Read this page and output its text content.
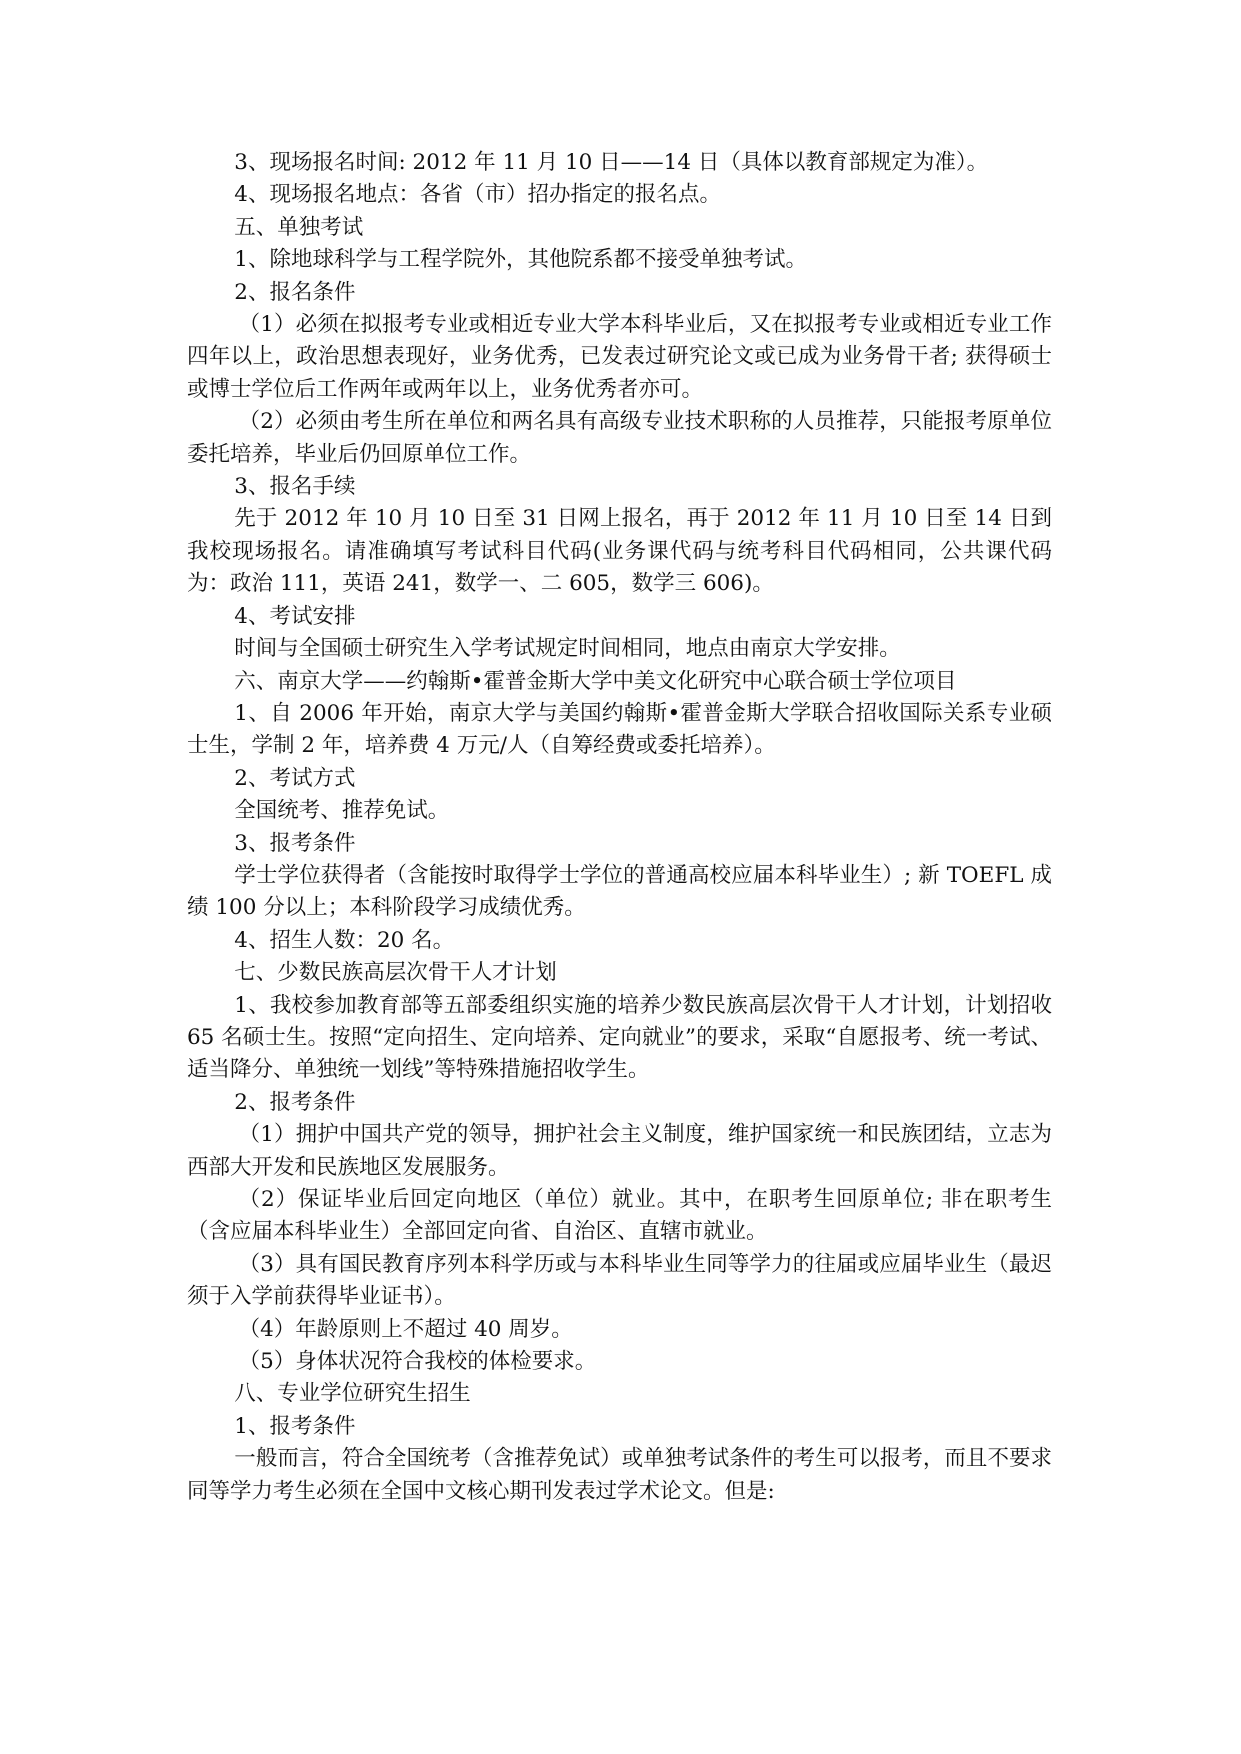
3、现场报名时间: 2012 年 11 月 10 日——14 日（具体以教育部规定为准）。

4、现场报名地点：各省（市）招办指定的报名点。

五、单独考试

1、除地球科学与工程学院外，其他院系都不接受单独考试。

2、报名条件

（1）必须在拟报考专业或相近专业大学本科毕业后，又在拟报考专业或相近专业工作四年以上，政治思想表现好，业务优秀，已发表过研究论文或已成为业务骨干者; 获得硕士或博士学位后工作两年或两年以上，业务优秀者亦可。

（2）必须由考生所在单位和两名具有高级专业技术职称的人员推荐，只能报考原单位委托培养，毕业后仍回原单位工作。

3、报名手续

先于 2012 年 10 月 10 日至 31 日网上报名，再于 2012 年 11 月 10 日至 14 日到我校现场报名。请准确填写考试科目代码(业务课代码与统考科目代码相同，公共课代码为：政治 111，英语 241，数学一、二 605，数学三 606)。

4、考试安排

时间与全国硕士研究生入学考试规定时间相同，地点由南京大学安排。

六、南京大学——约翰斯•霍普金斯大学中美文化研究中心联合硕士学位项目

1、自 2006 年开始，南京大学与美国约翰斯•霍普金斯大学联合招收国际关系专业硕士生，学制 2 年，培养费 4 万元/人（自筹经费或委托培养）。

2、考试方式

全国统考、推荐免试。

3、报考条件

学士学位获得者（含能按时取得学士学位的普通高校应届本科毕业生）; 新 TOEFL 成绩 100 分以上；本科阶段学习成绩优秀。

4、招生人数：20 名。

七、少数民族高层次骨干人才计划

1、我校参加教育部等五部委组织实施的培养少数民族高层次骨干人才计划，计划招收 65 名硕士生。按照“定向招生、定向培养、定向就业”的要求，采取“自愿报考、统一考试、适当降分、单独统一划线”等特殊措施招收学生。

2、报考条件

（1）拥护中国共产党的领导，拥护社会主义制度，维护国家统一和民族团结，立志为西部大开发和民族地区发展服务。

（2）保证毕业后回定向地区（单位）就业。其中，在职考生回原单位; 非在职考生（含应届本科毕业生）全部回定向省、自治区、直辖市就业。

（3）具有国民教育序列本科学历或与本科毕业生同等学力的往届或应届毕业生（最迟须于入学前获得毕业证书）。

（4）年龄原则上不超过 40 周岁。

（5）身体状况符合我校的体检要求。

八、专业学位研究生招生

1、报考条件

一般而言，符合全国统考（含推荐免试）或单独考试条件的考生可以报考，而且不要求同等学力考生必须在全国中文核心期刊发表过学术论文。但是:
